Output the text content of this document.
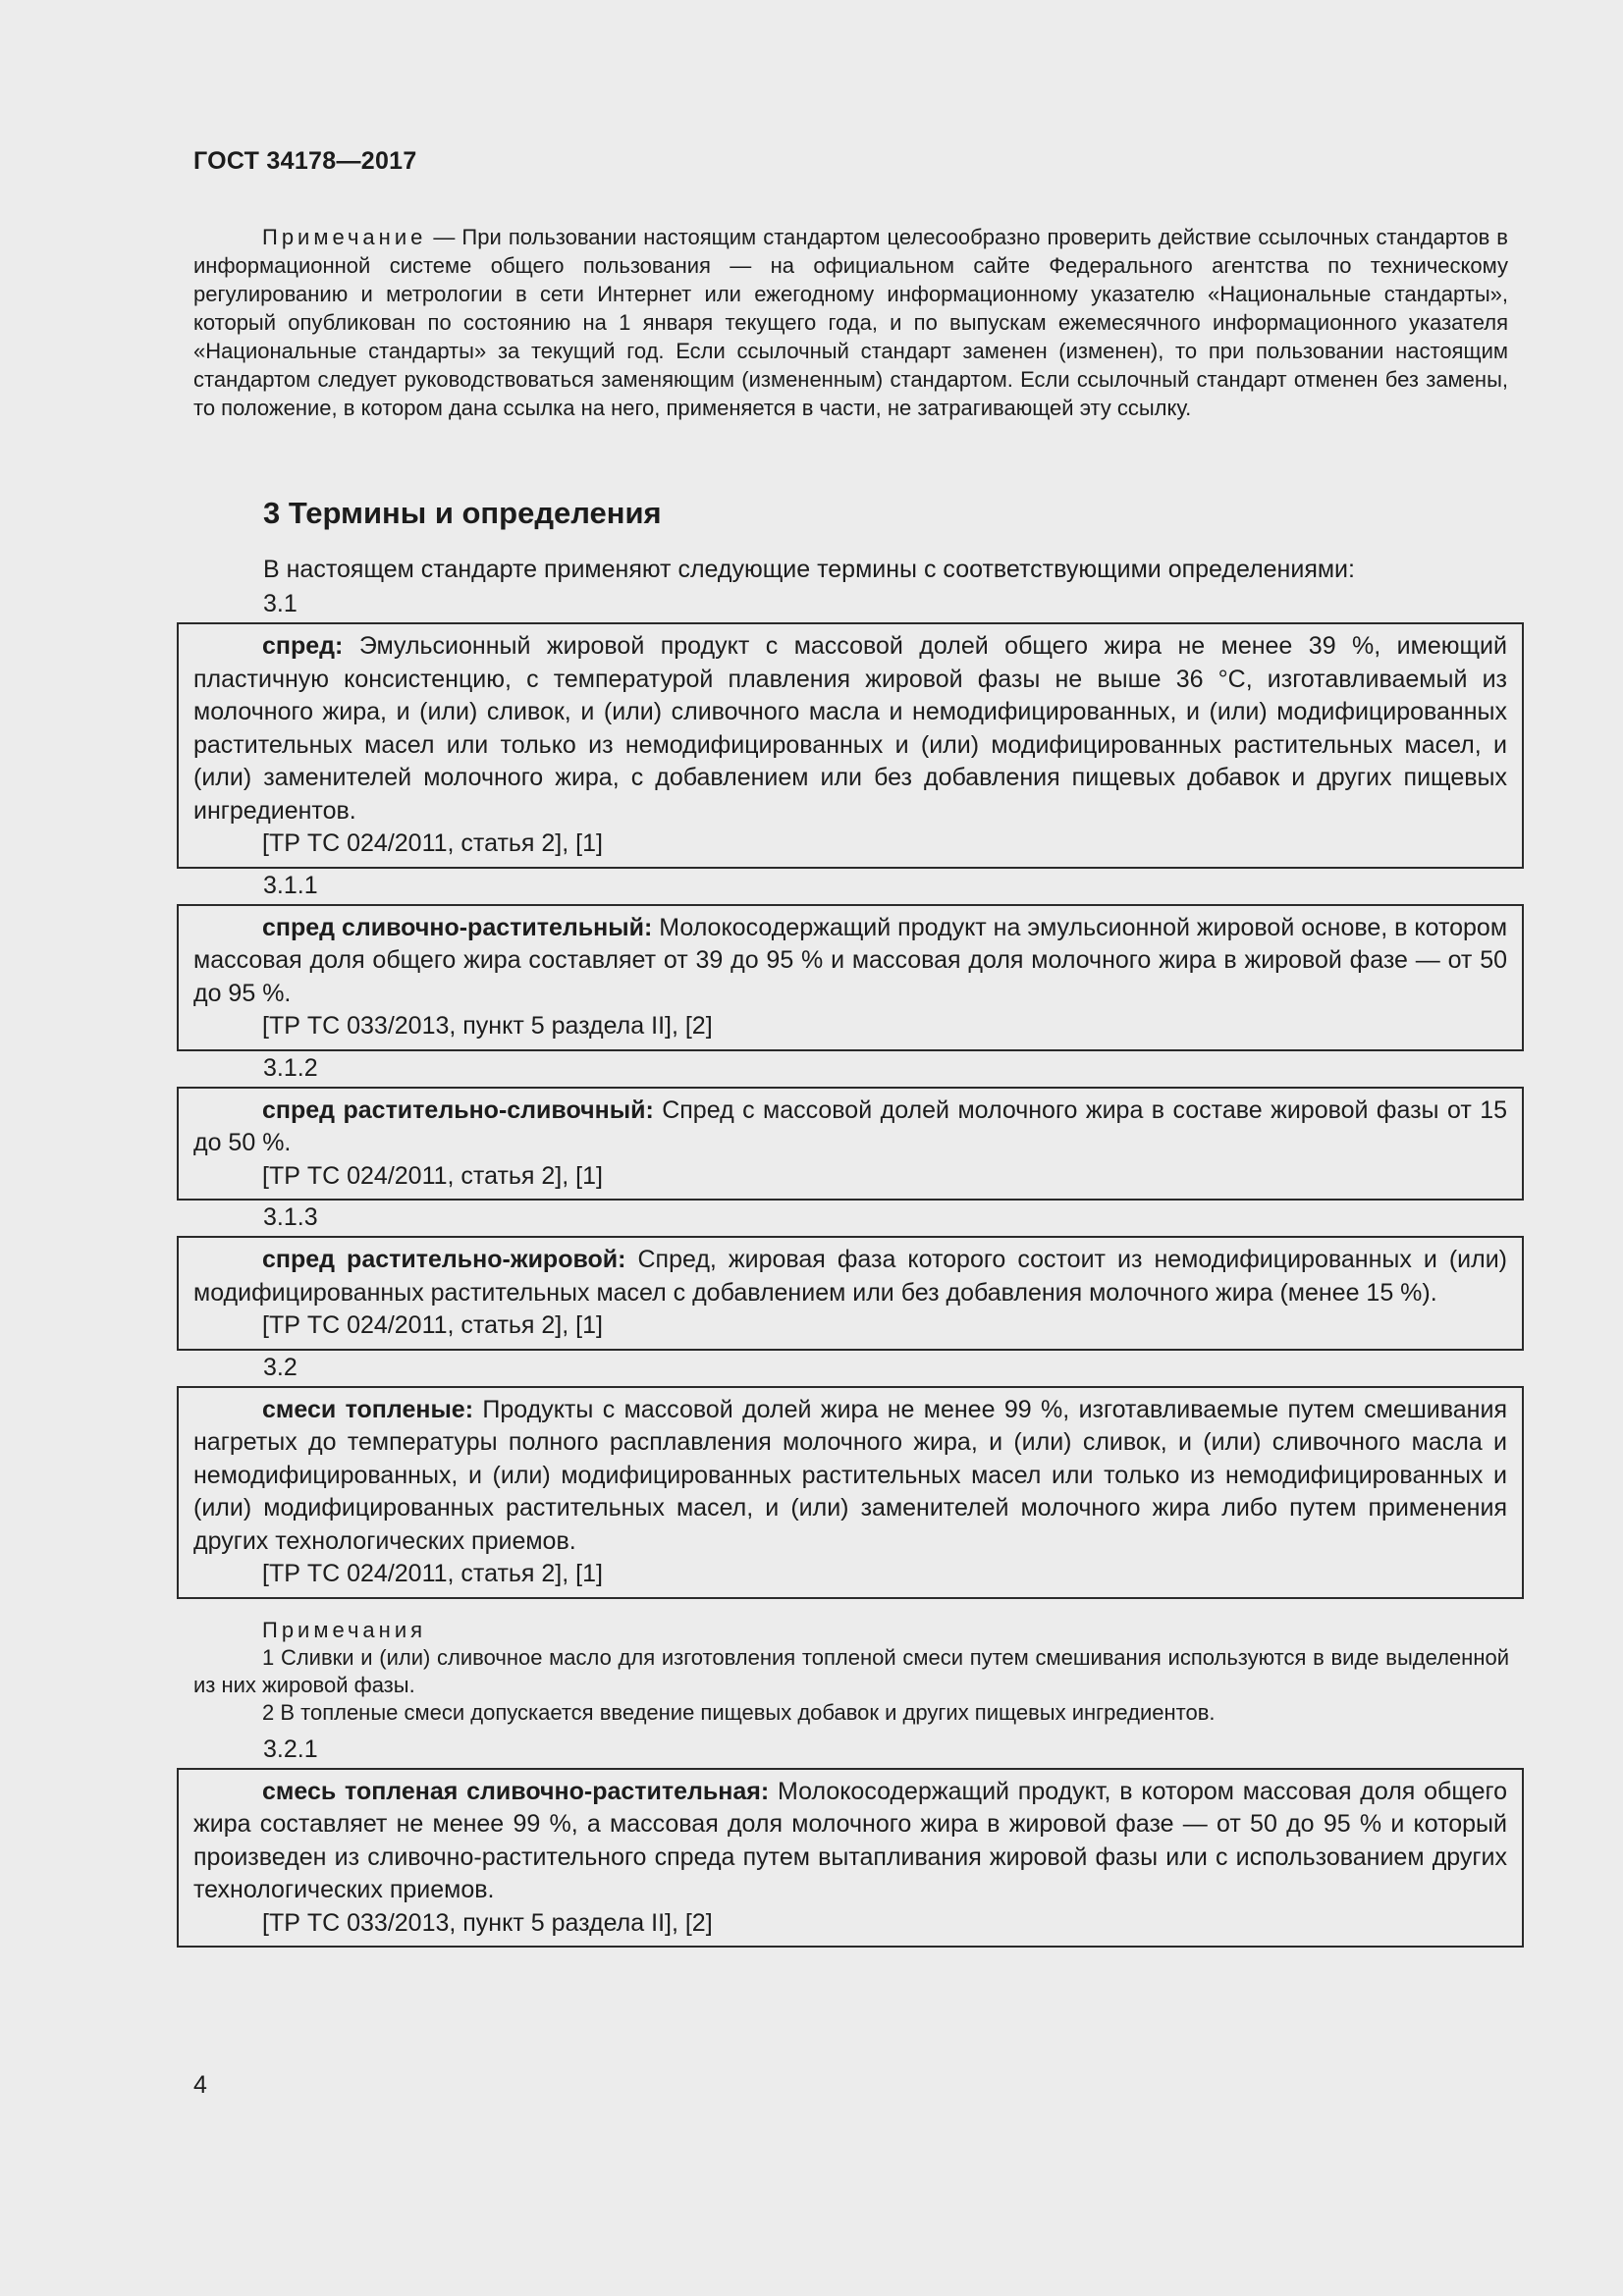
ГОСТ 34178—2017
Примечание — При пользовании настоящим стандартом целесообразно проверить действие ссылочных стандартов в информационной системе общего пользования — на официальном сайте Федерального агентства по техническому регулированию и метрологии в сети Интернет или ежегодному информационному указателю «Национальные стандарты», который опубликован по состоянию на 1 января текущего года, и по выпускам ежемесячного информационного указателя «Национальные стандарты» за текущий год. Если ссылочный стандарт заменен (изменен), то при пользовании настоящим стандартом следует руководствоваться заменяющим (измененным) стандартом. Если ссылочный стандарт отменен без замены, то положение, в котором дана ссылка на него, применяется в части, не затрагивающей эту ссылку.
3 Термины и определения
В настоящем стандарте применяют следующие термины с соответствующими определениями:
3.1

спред: Эмульсионный жировой продукт с массовой долей общего жира не менее 39 %, имеющий пластичную консистенцию, с температурой плавления жировой фазы не выше 36 °С, изготавливаемый из молочного жира, и (или) сливок, и (или) сливочного масла и немодифицированных, и (или) модифицированных растительных масел или только из немодифицированных и (или) модифицированных растительных масел, и (или) заменителей молочного жира, с добавлением или без добавления пищевых добавок и других пищевых ингредиентов.

[ТР ТС 024/2011, статья 2], [1]

3.1.1

спред сливочно-растительный: Молокосодержащий продукт на эмульсионной жировой основе, в котором массовая доля общего жира составляет от 39 до 95 % и массовая доля молочного жира в жировой фазе — от 50 до 95 %.

[ТР ТС 033/2013, пункт 5 раздела II], [2]

3.1.2

спред растительно-сливочный: Спред с массовой долей молочного жира в составе жировой фазы от 15 до 50 %.

[ТР ТС 024/2011, статья 2], [1]

3.1.3

спред растительно-жировой: Спред, жировая фаза которого состоит из немодифицированных и (или) модифицированных растительных масел с добавлением или без добавления молочного жира (менее 15 %).

[ТР ТС 024/2011, статья 2], [1]

3.2

смеси топленые: Продукты с массовой долей жира не менее 99 %, изготавливаемые путем смешивания нагретых до температуры полного расплавления молочного жира, и (или) сливок, и (или) сливочного масла и немодифицированных, и (или) модифицированных растительных масел или только из немодифицированных и (или) модифицированных растительных масел, и (или) заменителей молочного жира либо путем применения других технологических приемов.

[ТР ТС 024/2011, статья 2], [1]

Примечания
1 Сливки и (или) сливочное масло для изготовления топленой смеси путем смешивания используются в виде выделенной из них жировой фазы.
2 В топленые смеси допускается введение пищевых добавок и других пищевых ингредиентов.
3.2.1

смесь топленая сливочно-растительная: Молокосодержащий продукт, в котором массовая доля общего жира составляет не менее 99 %, а массовая доля молочного жира в жировой фазе — от 50 до 95 % и который произведен из сливочно-растительного спреда путем вытапливания жировой фазы или с использованием других технологических приемов.

[ТР ТС 033/2013, пункт 5 раздела II], [2]

4
